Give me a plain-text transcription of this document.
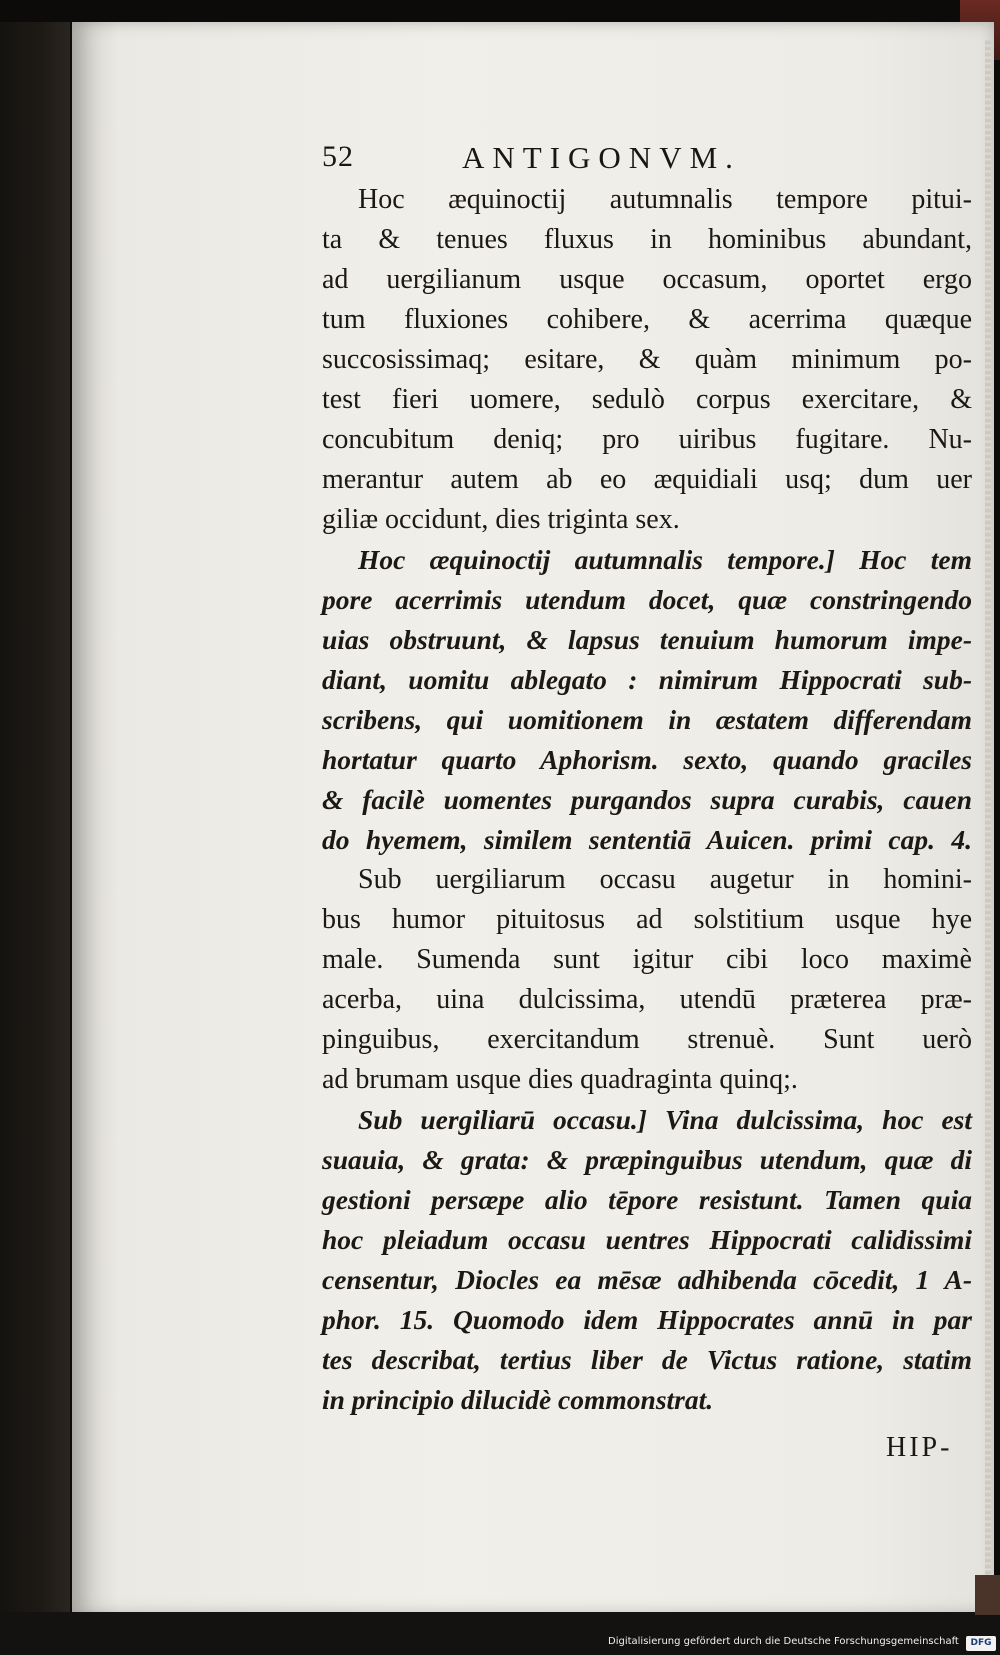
52	ANTIGONVM.
Hoc æquinoctij autumnalis tempore pitui-
ta & tenues fluxus in hominibus abundant,
ad uergilianum usque occasum, oportet ergo
tum fluxiones cohibere, & acerrima quæque
succosissimaq; esitare, & quàm minimum po-
test fieri uomere, sedulò corpus exercitare, &
concubitum deniq; pro uiribus fugitare. Nu-
merantur autem ab eo æquidiali usq; dum uer
giliæ occidunt, dies triginta sex.
Hoc æquinoctij autumnalis tempore.] Hoc tem
pore acerrimis utendum docet, quæ constringendo
uias obstruunt, & lapsus tenuium humorum impe-
diant, uomitu ablegato : nimirum Hippocrati sub-
scribens, qui uomitionem in æstatem differendam
hortatur quarto Aphorism. sexto, quando graciles
& facilè uomentes purgandos supra curabis, cauen
do hyemem, similem sententiā Auicen. primi cap. 4.
Sub uergiliarum occasu augetur in homini-
bus humor pituitosus ad solstitium usque hye
male. Sumenda sunt igitur cibi loco maximè
acerba, uina dulcissima, utendū præterea præ-
pinguibus, exercitandum strenuè. Sunt uerò
ad brumam usque dies quadraginta quinq;.
Sub uergiliarū occasu.] Vina dulcissima, hoc est
suauia, & grata: & præpinguibus utendum, quæ di
gestioni persæpe alio tēpore resistunt. Tamen quia
hoc pleiadum occasu uentres Hippocrati calidissimi
censentur, Diocles ea mēsæ adhibenda cōcedit, 1 A-
phor. 15. Quomodo idem Hippocrates annū in par
tes describat, tertius liber de Victus ratione, statim
in principio dilucidè commonstrat.
HIP-
Digitalisierung gefördert durch die Deutsche Forschungsgemeinschaft	DFG
